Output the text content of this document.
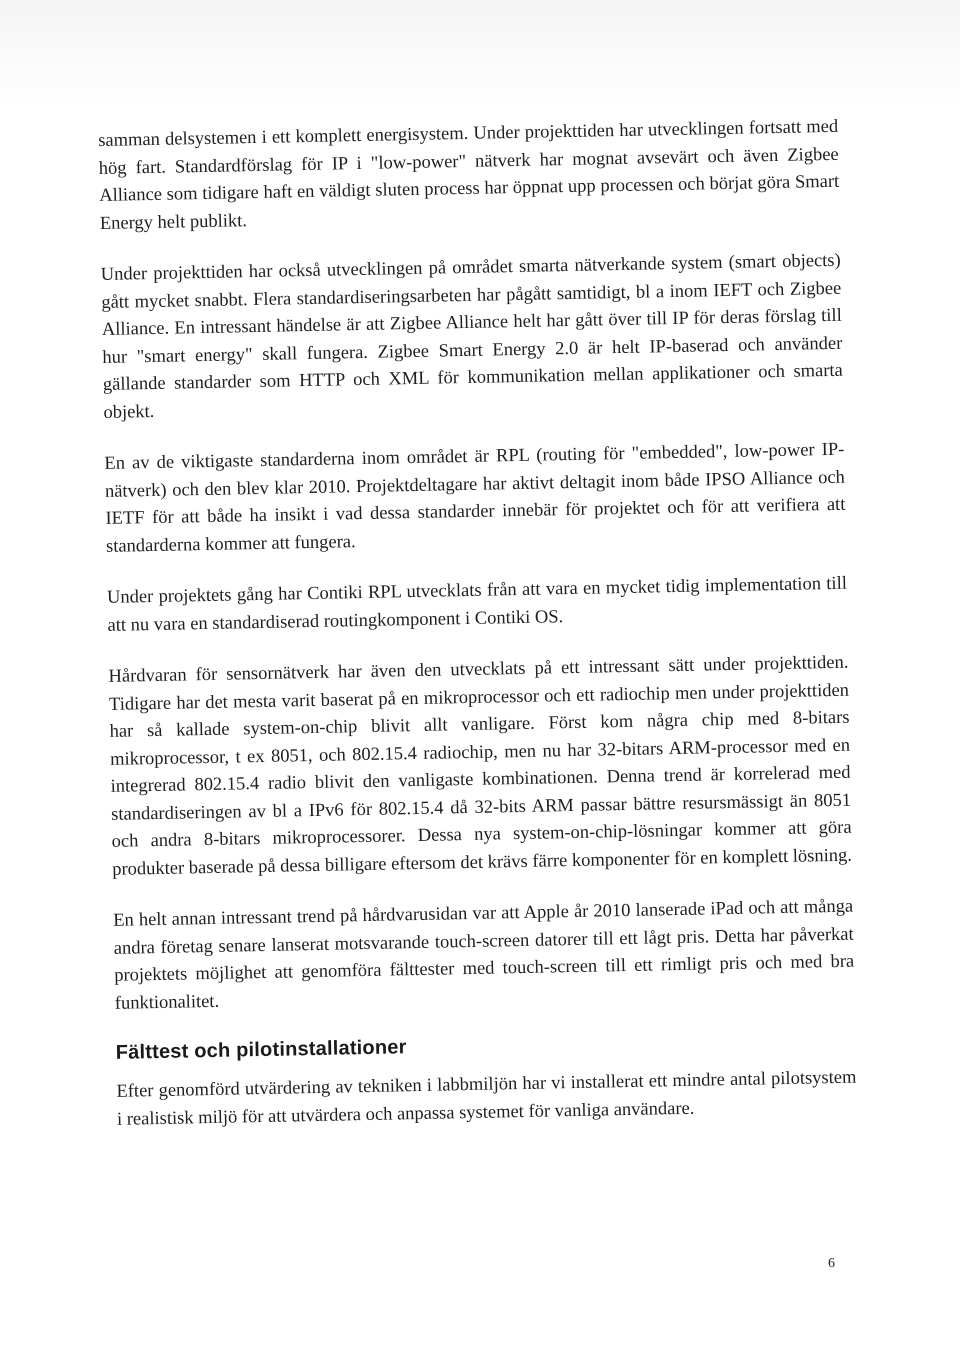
samman delsystemen i ett komplett energisystem. Under projekttiden har utvecklingen fortsatt med hög fart. Standardförslag för IP i "low-power" nätverk har mognat avsevärt och även Zigbee Alliance som tidigare haft en väldigt sluten process har öppnat upp processen och börjat göra Smart Energy helt publikt.

Under projekttiden har också utvecklingen på området smarta nätverkande system (smart objects) gått mycket snabbt. Flera standardiseringsarbeten har pågått samtidigt, bl a inom IEFT och Zigbee Alliance. En intressant händelse är att Zigbee Alliance helt har gått över till IP för deras förslag till hur "smart energy" skall fungera. Zigbee Smart Energy 2.0 är helt IP-baserad och använder gällande standarder som HTTP och XML för kommunikation mellan applikationer och smarta objekt.

En av de viktigaste standarderna inom området är RPL (routing för "embedded", low-power IP-nätverk) och den blev klar 2010. Projektdeltagare har aktivt deltagit inom både IPSO Alliance och IETF för att både ha insikt i vad dessa standarder innebär för projektet och för att verifiera att standarderna kommer att fungera.

Under projektets gång har Contiki RPL utvecklats från att vara en mycket tidig implementation till att nu vara en standardiserad routingkomponent i Contiki OS.

Hårdvaran för sensornätverk har även den utvecklats på ett intressant sätt under projekttiden. Tidigare har det mesta varit baserat på en mikroprocessor och ett radiochip men under projekttiden har så kallade system-on-chip blivit allt vanligare. Först kom några chip med 8-bitars mikroprocessor, t ex 8051, och 802.15.4 radiochip, men nu har 32-bitars ARM-processor med en integrerad 802.15.4 radio blivit den vanligaste kombinationen. Denna trend är korrelerad med standardiseringen av bl a IPv6 för 802.15.4 då 32-bits ARM passar bättre resursmässigt än 8051 och andra 8-bitars mikroprocessorer. Dessa nya system-on-chip-lösningar kommer att göra produkter baserade på dessa billigare eftersom det krävs färre komponenter för en komplett lösning.

En helt annan intressant trend på hårdvarusidan var att Apple år 2010 lanserade iPad och att många andra företag senare lanserat motsvarande touch-screen datorer till ett lågt pris. Detta har påverkat projektets möjlighet att genomföra fälttester med touch-screen till ett rimligt pris och med bra funktionalitet.

Fälttest och pilotinstallationer

Efter genomförd utvärdering av tekniken i labbmiljön har vi installerat ett mindre antal pilotsystem i realistisk miljö för att utvärdera och anpassa systemet för vanliga användare.

6
